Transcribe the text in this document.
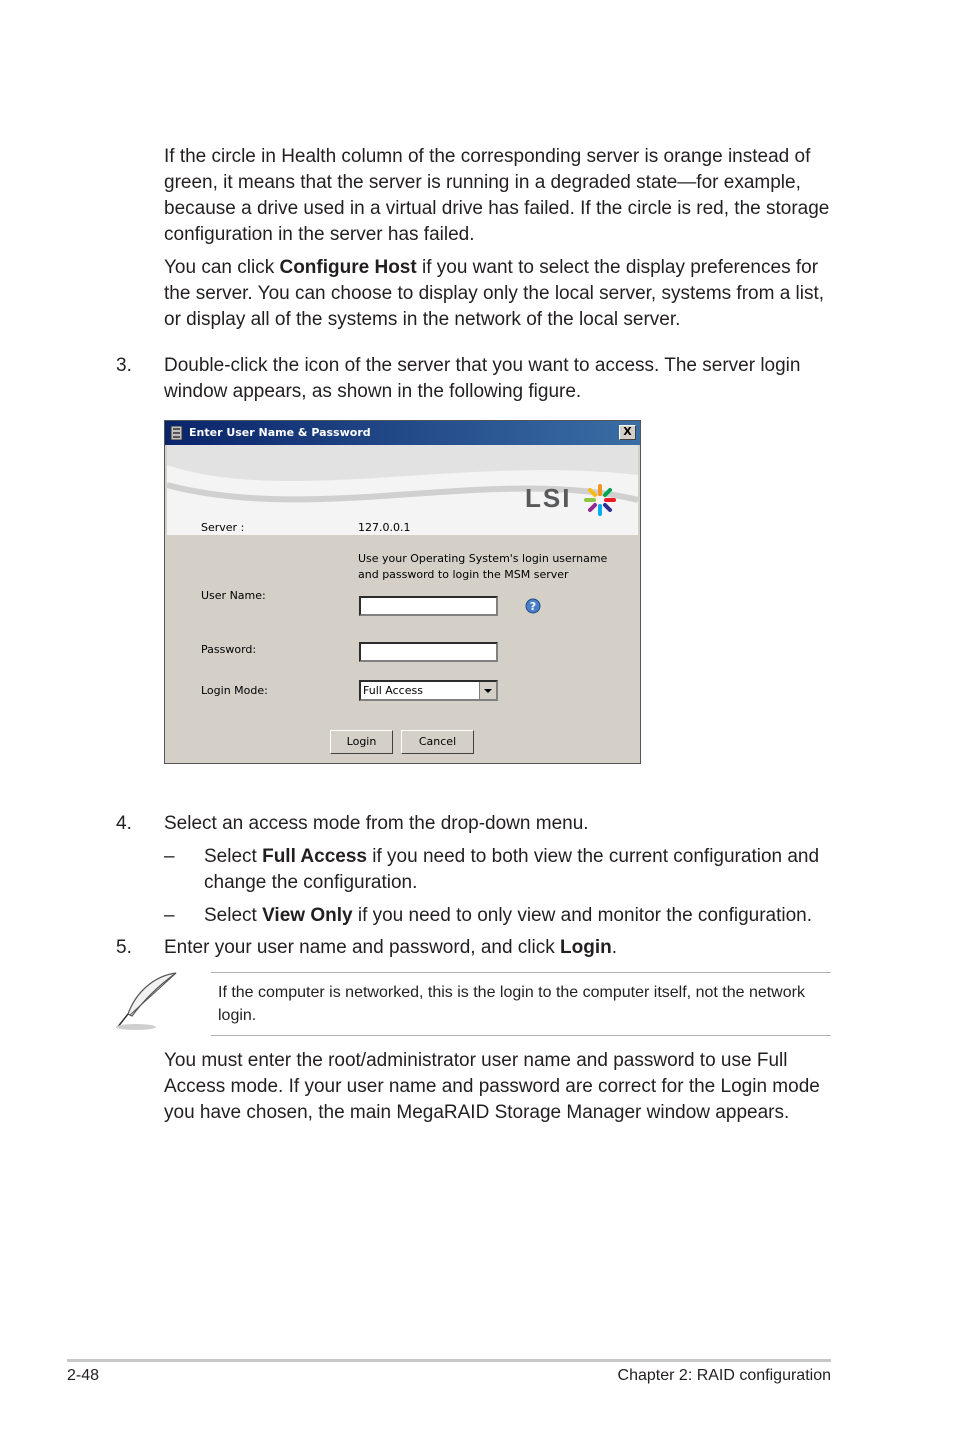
If the circle in Health column of the corresponding server is orange instead of green, it means that the server is running in a degraded state—for example, because a drive used in a virtual drive has failed. If the circle is red, the storage configuration in the server has failed.
You can click Configure Host if you want to select the display preferences for the server. You can choose to display only the local server, systems from a list, or display all of the systems in the network of the local server.
3. Double-click the icon of the server that you want to access. The server login window appears, as shown in the following figure.
Enter User Name & Password	X
LSI
Server :	127.0.0.1
Use your Operating System's login username
and password to login the MSM server
User Name:
?
Password:
Login Mode:	Full Access
Login	Cancel
4. Select an access mode from the drop-down menu.
– Select Full Access if you need to both view the current configuration and change the configuration.
– Select View Only if you need to only view and monitor the configuration.
5. Enter your user name and password, and click Login.
If the computer is networked, this is the login to the computer itself, not the network login.
You must enter the root/administrator user name and password to use Full Access mode. If your user name and password are correct for the Login mode you have chosen, the main MegaRAID Storage Manager window appears.
2-48	Chapter 2: RAID configuration
